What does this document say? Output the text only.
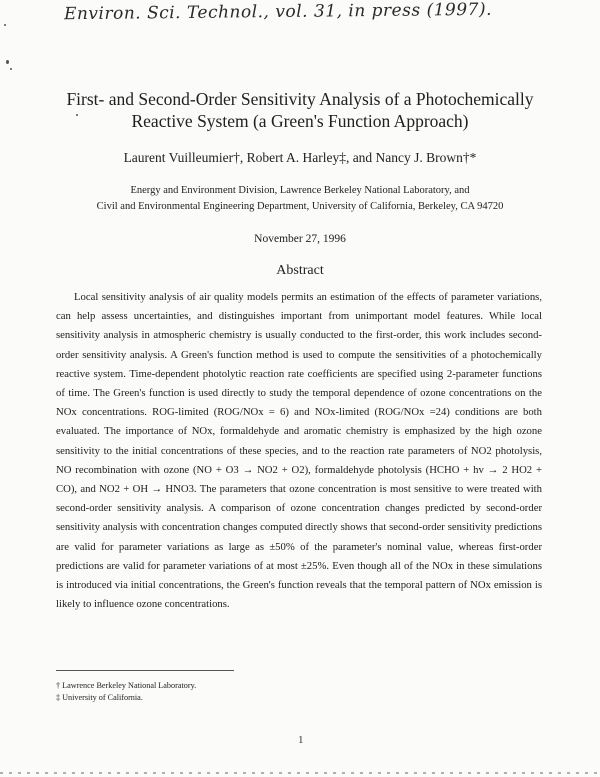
Environ. Sci. Technol., vol. 31, in press (1997).
First- and Second-Order Sensitivity Analysis of a Photochemically
Reactive System (a Green's Function Approach)
Laurent Vuilleumier†, Robert A. Harley‡, and Nancy J. Brown†*
Energy and Environment Division, Lawrence Berkeley National Laboratory, and
Civil and Environmental Engineering Department, University of California, Berkeley, CA 94720
November 27, 1996
Abstract
Local sensitivity analysis of air quality models permits an estimation of the effects of parameter variations, can help assess uncertainties, and distinguishes important from unimportant model features. While local sensitivity analysis in atmospheric chemistry is usually conducted to the first-order, this work includes second-order sensitivity analysis. A Green's function method is used to compute the sensitivities of a photochemically reactive system. Time-dependent photolytic reaction rate coefficients are specified using 2-parameter functions of time. The Green's function is used directly to study the temporal dependence of ozone concentrations on the NOx concentrations. ROG-limited (ROG/NOx = 6) and NOx-limited (ROG/NOx =24) conditions are both evaluated. The importance of NOx, formaldehyde and aromatic chemistry is emphasized by the high ozone sensitivity to the initial concentrations of these species, and to the reaction rate parameters of NO2 photolysis, NO recombination with ozone (NO + O3 → NO2 + O2), formaldehyde photolysis (HCHO + hv → 2 HO2 + CO), and NO2 + OH → HNO3. The parameters that ozone concentration is most sensitive to were treated with second-order sensitivity analysis. A comparison of ozone concentration changes predicted by second-order sensitivity analysis with concentration changes computed directly shows that second-order sensitivity predictions are valid for parameter variations as large as ±50% of the parameter's nominal value, whereas first-order predictions are valid for parameter variations of at most ±25%. Even though all of the NOx in these simulations is introduced via initial concentrations, the Green's function reveals that the temporal pattern of NOx emission is likely to influence ozone concentrations.
† Lawrence Berkeley National Laboratory.
‡ University of California.
1
